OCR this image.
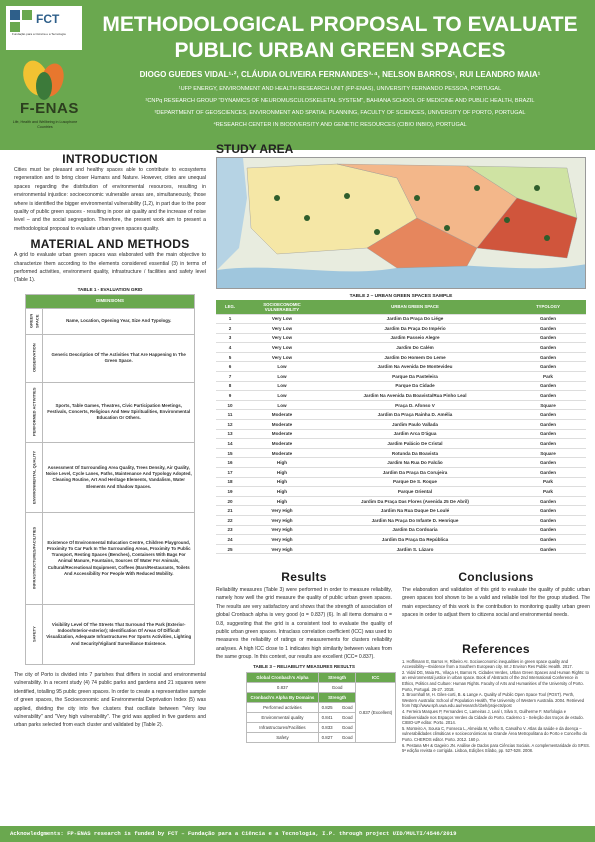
FCT
Fundação para a Ciência e a Tecnologia
F-ENAS
Life, Health and Wellbeing in Lusophone Countries
METHODOLOGICAL PROPOSAL TO EVALUATE
PUBLIC URBAN GREEN SPACES
DIOGO GUEDES VIDAL¹·², CLÁUDIA OLIVEIRA FERNANDES³·⁴, NELSON BARROS¹, RUI LEANDRO MAIA¹
¹UFP ENERGY, ENVIRONMENT AND HEALTH RESEARCH UNIT (FP-ENAS), UNIVERSITY FERNANDO PESSOA, PORTUGAL
²CNPq RESEARCH GROUP "DYNAMICS OF NEUROMUSCULOSKELETAL SYSTEM", BAHIANA SCHOOL OF MEDICINE AND PUBLIC HEALTH, BRAZIL
³DEPARTMENT OF GEOSCIENCES, ENVIRONMENT AND SPATIAL PLANNING, FACULTY OF SCIENCES, UNIVERSITY OF PORTO, PORTUGAL
⁴RESEARCH CENTER IN BIODIVERSITY AND GENETIC RESOURCES (CIBIO INBIO), PORTUGAL
INTRODUCTION

Cities must be pleasant and healthy spaces able to contribute to ecosystems regeneration and to bring closer Humans and Nature. However, cities are unequal spaces regarding the distribution of environmental resources, resulting in environmental injustice: socioeconomic vulnerable areas are, simultaneously, those where is identified the bigger environmental vulnerability (1,2), in part due to the poor quality of public green spaces - resulting in poor air quality and the increase of noise level – and the social segregation. Therefore, the present work aim to present a methodological proposal to evaluate urban green spaces quality.

MATERIAL AND METHODS

A grid to evaluate urban green spaces was elaborated with the main objective to characterize them according to the elements considered essential (3) in terms of performed activities, environment quality, infrastructure / facilities and safety level (Table 1).

TABLE 1 - EVALUATION GRID
DIMENSIONS	
GREEN SPACE	Name, Location, Opening Year, Size And Typology.
OBSERVATION	Generic Description Of The Activities That Are Happening In The Green Space.
PERFORMED ACTIVITIES	Sports, Table Games, Theatres, Civic Participation Meetings, Festivals, Concerts, Religious And New Spiritualities, Environmental Education Or Others.
ENVIRONMENTAL QUALITY	Assessment Of Surrounding Area Quality, Trees Density, Air Quality, Noise Level, Cycle Lanes, Paths, Maintenance And Typology Adopted, Cleaning Routine, Art And Heritage Elements, Vandalism, Water Elements And Shadow Spaces.
INFRASTRUCTURES/FACILITIES	Existence Of Environmental Education Centre, Children Playground, Proximity To Car Park In The Surrounding Areas, Proximity To Public Transport, Resting Spaces (Benches), Containers With Bags For Animal Manure, Fountains, Sources Of Water For Animals, Cultural/Recreational Equipment, Coffees (Bars/Restaurants, Toilets And Accessibility For People With Reduced Mobility.
SAFETY	Visibility Level Of The Streets That Surround The Park (Exterior-Indoor/Interior-exterior); Identification Of Areas Of Difficult Visualization, Adequate Infrastructures For Sports Activities, Lighting And Security/Vigilant/ Surveillance Existence.

The city of Porto is divided into 7 parishes that differs in social and environmental vulnerability. In a recent study (4) 74 public parks and gardens and 21 squares were identified, totalling 95 public green spaces. In order to create a representative sample of green spaces, the Socioeconomic and Environmental Deprivation Index (5) was applied, dividing the city into five clusters that oscillate between "Very low vulnerability" and "Very high vulnerability". The grid was applied in five gardens and urban parks selected from each cluster and validated by (Table 2).

STUDY AREA
TABLE 2 – URBAN GREEN SPACES SAMPLE
LEG.	SOCIOECONOMIC VULNERABILITY	URBAN GREEN SPACE	TYPOLOGY
1	Very Low	Jardim Da Praça Do Liége	Garden
2	Very Low	Jardim Da Praça Do Império	Garden
3	Very Low	Jardim Passeio Alegre	Garden
4	Very Low	Jardim Do Calém	Garden
5	Very Low	Jardim Do Homem Do Leme	Garden
6	Low	Jardim Na Avenida De Montevideu	Garden
7	Low	Parque Da Pasteleira	Park
8	Low	Parque Da Cidade	Garden
9	Low	Jardim Na Avenida Da Boavista/Rua Pinho Leal	Garden
10	Low	Praça D. Afonso V	Square
11	Moderate	Jardim Da Praça Rainha D. Amélia	Garden
12	Moderate	Jardim Paulo Vallada	Garden
13	Moderate	Jardim Arca D'água	Garden
14	Moderate	Jardim Palácio De Cristal	Garden
15	Moderate	Rotunda Da Boavista	Square
16	High	Jardim Na Rua Do Falcão	Garden
17	High	Jardim Da Praça Da Corujeira	Garden
18	High	Parque De S. Roque	Park
19	High	Parque Oriental	Park
20	High	Jardim Da Praça Das Flores (Avenida 25 De Abril)	Garden
21	Very High	Jardim Na Rua Duque De Loulé	Garden
22	Very High	Jardim Na Praça Do Infante D. Henrique	Garden
23	Very High	Jardim Da Cordoaria	Garden
24	Very High	Jardim Da Praça Da República	Garden
25	Very High	Jardim S. Lázaro	Garden
Results

Reliability measures (Table 3) were performed in order to measure reliability, namely how well the grid measure the quality of public urban green spaces. The results are very satisfactory and shows that the strength of association of global Cronbach alpha is very good (α = 0.837) (6). In all items domains α = 0.8, suggesting that the grid is a consistent tool to evaluate the quality of public urban green spaces. Intraclass correlation coefficient (ICC) was used to measures the reliability of ratings or measurements for clusters reliability analyses. A high ICC close to 1 indicates high similarity between values from the same group. In this context, our results are excellent (ICC= 0.837).

TABLE 3 – RELIABILITY MEASURES RESULTS
Global Cronbach's Alpha	Strength	ICC
0.837	Good	0.837 (Excellent)
Cronbach's Alpha By Domains	Strength	
Performed activities	0.825 Good	
Environmental quality	0.841 Good	
Infrastructures/Facilities	0.833 Good	
Safety	0.827 Good	
Conclusions

The elaboration and validation of this grid to evaluate the quality of public urban green spaces tool shown to be a valid and reliable tool for the group studied. The main expectancy of this work is the contribution to monitoring quality urban green spaces in order to adjust them to citizens social and environmental needs.

References

1. Hoffimann E, Barros H, Ribeiro AI. Socioeconomic inequalities in green space quality and Accessibility—Evidence from a Southern European city. Int J Environ Res Public Health. 2017.

2. Vidal DG, Maia RL, Vilaça H, Barros N. Cidades Verdes, Urban Green Spaces and Human Rights: to an environmental justice in urban space. Book of Abstracts of the 2nd International Conference in Ethics, Politics and Culture: Human Rights. Faculty of Arts and Humanities of the University of Porto. Porto, Portugal. 26-27. 2018.

3. Broomhall M, H. Giles-corti, B. & Lange A. Quality of Public Open Space Tool (POST). Perth, Western Australia: School of Population Health, The University of Western Australia. 2004. Retrieved from http://www.sph.uwa.edu.au/research/cbeh/projects/post

4. Ferreira Marques P, Fernandes C, Lameiras J, Leal I, Silva S, Guilherme F. Morfologia e Biodiversidade nos Espaços Verdes da Cidade do Porto. Caderno 1 - Seleção dos troços de estudo. CIBIO-UP editor. Porto. 2014.

5. Monteiro A, Sousa C, Fonseca L, Almeida M, Velho S, Carvalho V. Atlas da saúde e da doença – vulnerabilidades climáticas e socioeconómicas na Grande Área Metropolitana do Porto e Concelho do Porto. CHEROS editor. Porto. 2012. 160 p.

6. Pestana MH & Gageiro JN. Análise de Dados para Ciências Sociais. A complementaridade do SPSS. 5ª edição revista e corrigida. Lisboa, Edições Sílabo, pp. 527-528. 2008.

Acknowledgments: FP-ENAS research is funded by FCT – Fundação para a Ciência e a Tecnologia, I.P. through project UID/MULTI/4546/2019
